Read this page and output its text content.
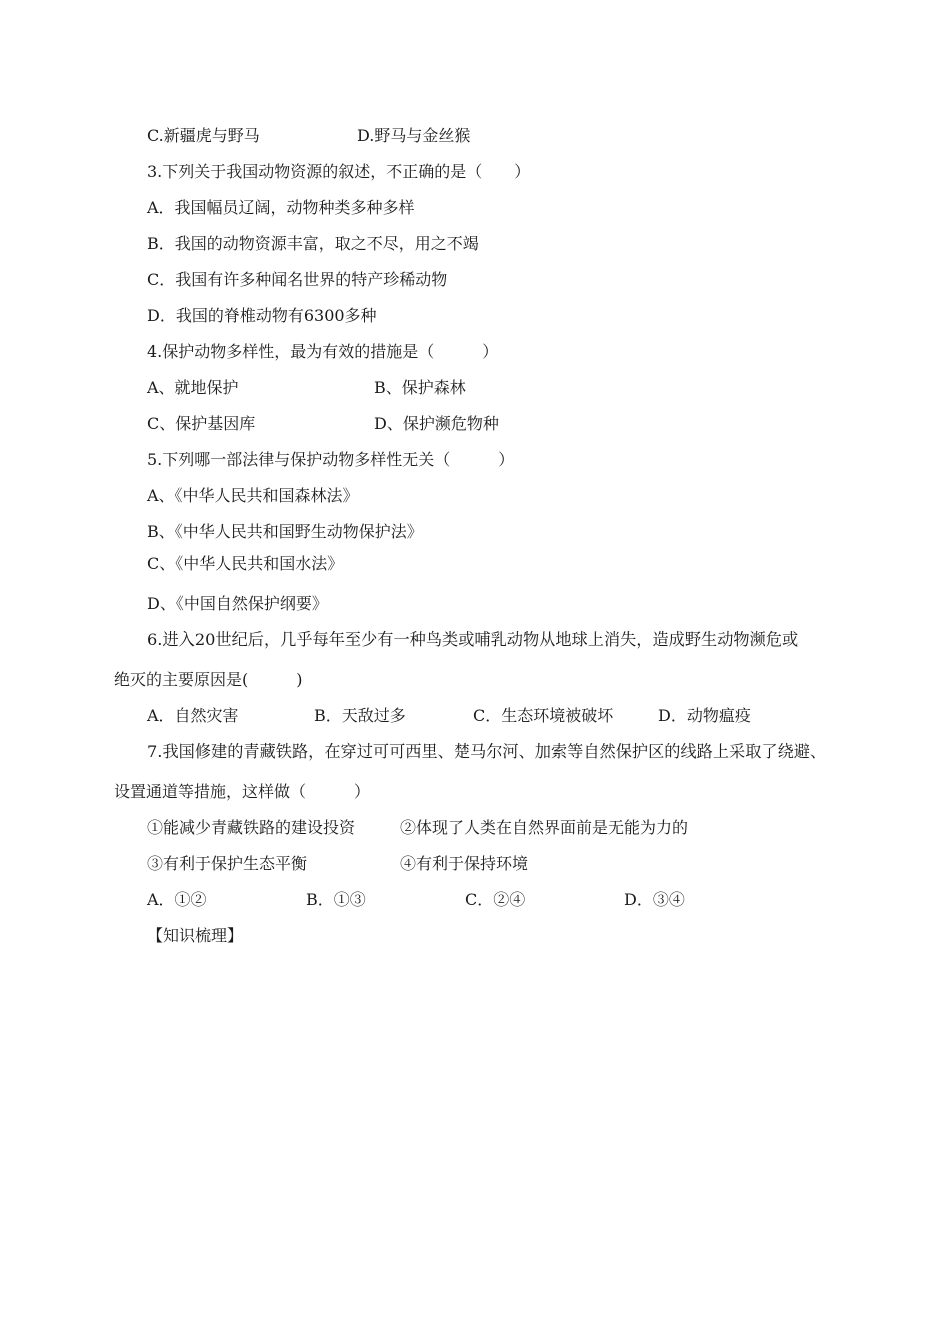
C.新疆虎与野马	D.野马与金丝猴
3.下列关于我国动物资源的叙述，不正确的是（　　）
A．我国幅员辽阔，动物种类多种多样
B．我国的动物资源丰富，取之不尽，用之不竭
C．我国有许多种闻名世界的特产珍稀动物
D．我国的脊椎动物有6300多种
4.保护动物多样性，最为有效的措施是（　　　）
A、就地保护	B、保护森林
C、保护基因库	D、保护濒危物种
5.下列哪一部法律与保护动物多样性无关（　　　）
A、《中华人民共和国森林法》
B、《中华人民共和国野生动物保护法》
C、《中华人民共和国水法》
D、《中国自然保护纲要》
6.进入20世纪后，几乎每年至少有一种鸟类或哺乳动物从地球上消失，造成野生动物濒危或
绝灭的主要原因是(　　　)
A．自然灾害	B．天敌过多	C．生态环境被破坏	D．动物瘟疫
7.我国修建的青藏铁路，在穿过可可西里、楚马尔河、加索等自然保护区的线路上采取了绕避、
设置通道等措施，这样做（　　　）
①能减少青藏铁路的建设投资	②体现了人类在自然界面前是无能为力的
③有利于保护生态平衡	④有利于保持环境
A．①②	B．①③	C．②④	D．③④
【知识梳理】
